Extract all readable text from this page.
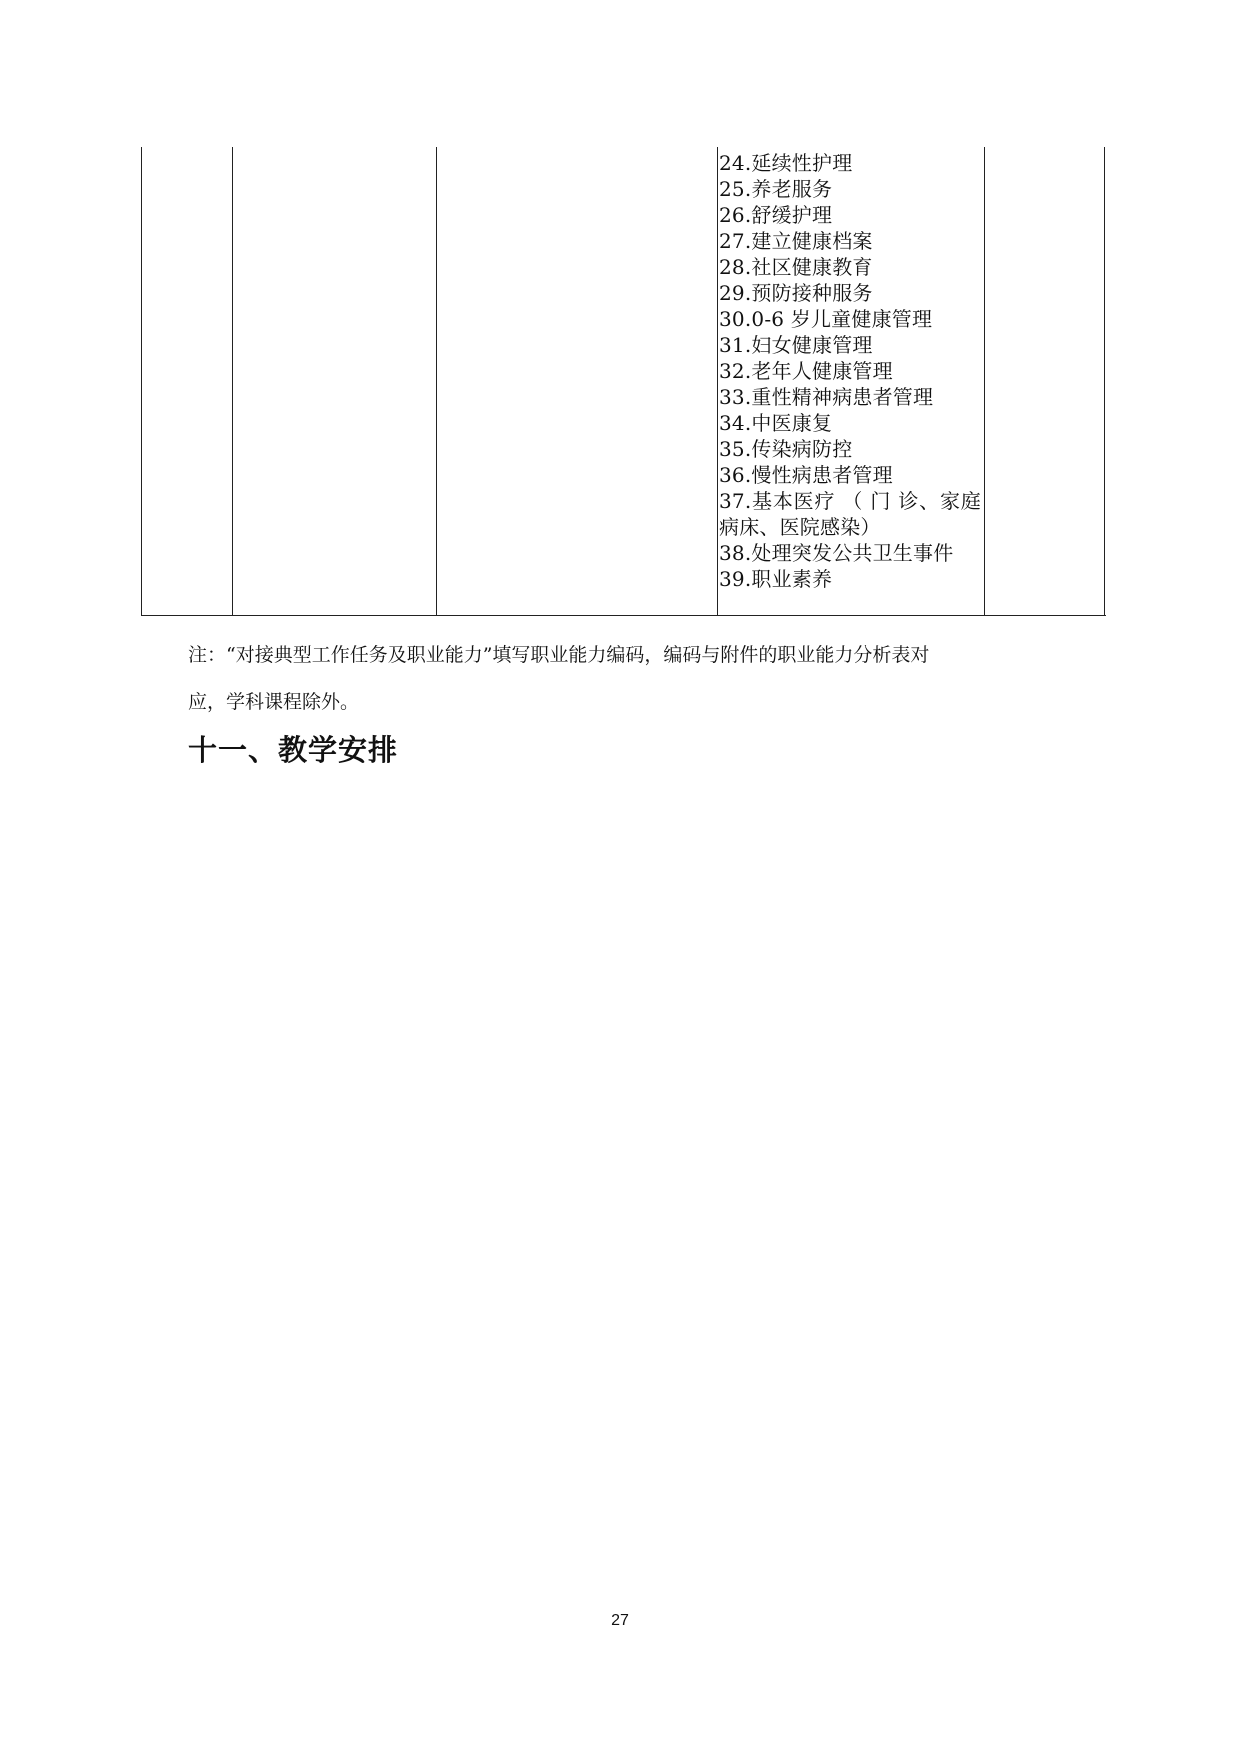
24.延续性护理
25.养老服务
26.舒缓护理
27.建立健康档案
28.社区健康教育
29.预防接种服务
30.0-6 岁儿童健康管理
31.妇女健康管理
32.老年人健康管理
33.重性精神病患者管理
34.中医康复
35.传染病防控
36.慢性病患者管理
37.基本医疗 （ 门 诊、家庭病床、医院感染）
38.处理突发公共卫生事件
39.职业素养
注：“对接典型工作任务及职业能力”填写职业能力编码，编码与附件的职业能力分析表对
应，学科课程除外。
十一、教学安排
27
